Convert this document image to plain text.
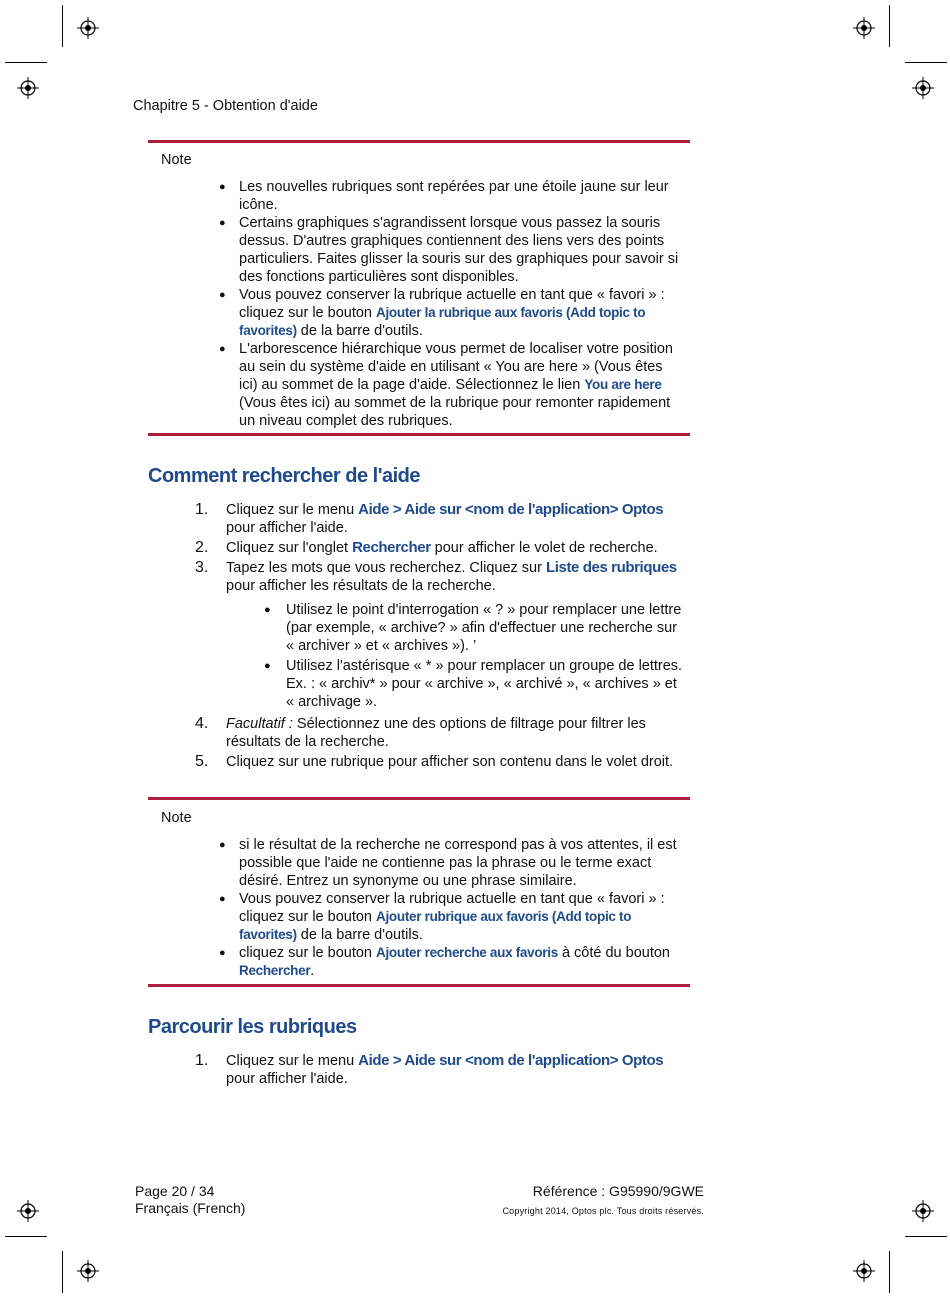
Chapitre 5 - Obtention d'aide
Note
● Les nouvelles rubriques sont repérées par une étoile jaune sur leur icône.
● Certains graphiques s'agrandissent lorsque vous passez la souris dessus. D'autres graphiques contiennent des liens vers des points particuliers. Faites glisser la souris sur des graphiques pour savoir si des fonctions particulières sont disponibles.
● Vous pouvez conserver la rubrique actuelle en tant que « favori » : cliquez sur le bouton Ajouter la rubrique aux favoris (Add topic to favorites) de la barre d'outils.
● L'arborescence hiérarchique vous permet de localiser votre position au sein du système d'aide en utilisant « You are here » (Vous êtes ici) au sommet de la page d'aide. Sélectionnez le lien You are here (Vous êtes ici) au sommet de la rubrique pour remonter rapidement un niveau complet des rubriques.
Comment rechercher de l'aide
1. Cliquez sur le menu Aide > Aide sur <nom de l'application> Optos pour afficher l'aide.
2. Cliquez sur l'onglet Rechercher pour afficher le volet de recherche.
3. Tapez les mots que vous recherchez. Cliquez sur Liste des rubriques pour afficher les résultats de la recherche.
● Utilisez le point d'interrogation « ? » pour remplacer une lettre (par exemple, « archive? » afin d'effectuer une recherche sur « archiver » et « archives »). ’
● Utilisez l'astérisque « * » pour remplacer un groupe de lettres. Ex. : « archiv* » pour « archive », « archivé », « archives » et « archivage ».
4. Facultatif : Sélectionnez une des options de filtrage pour filtrer les résultats de la recherche.
5. Cliquez sur une rubrique pour afficher son contenu dans le volet droit.
Note
● si le résultat de la recherche ne correspond pas à vos attentes, il est possible que l'aide ne contienne pas la phrase ou le terme exact désiré. Entrez un synonyme ou une phrase similaire.
● Vous pouvez conserver la rubrique actuelle en tant que « favori » : cliquez sur le bouton Ajouter rubrique aux favoris (Add topic to favorites) de la barre d'outils.
● cliquez sur le bouton Ajouter recherche aux favoris à côté du bouton Rechercher.
Parcourir les rubriques
1. Cliquez sur le menu Aide > Aide sur <nom de l'application> Optos pour afficher l'aide.
Page 20 / 34
Français (French)
Référence : G95990/9GWE
Copyright 2014, Optos plc. Tous droits réservés.
